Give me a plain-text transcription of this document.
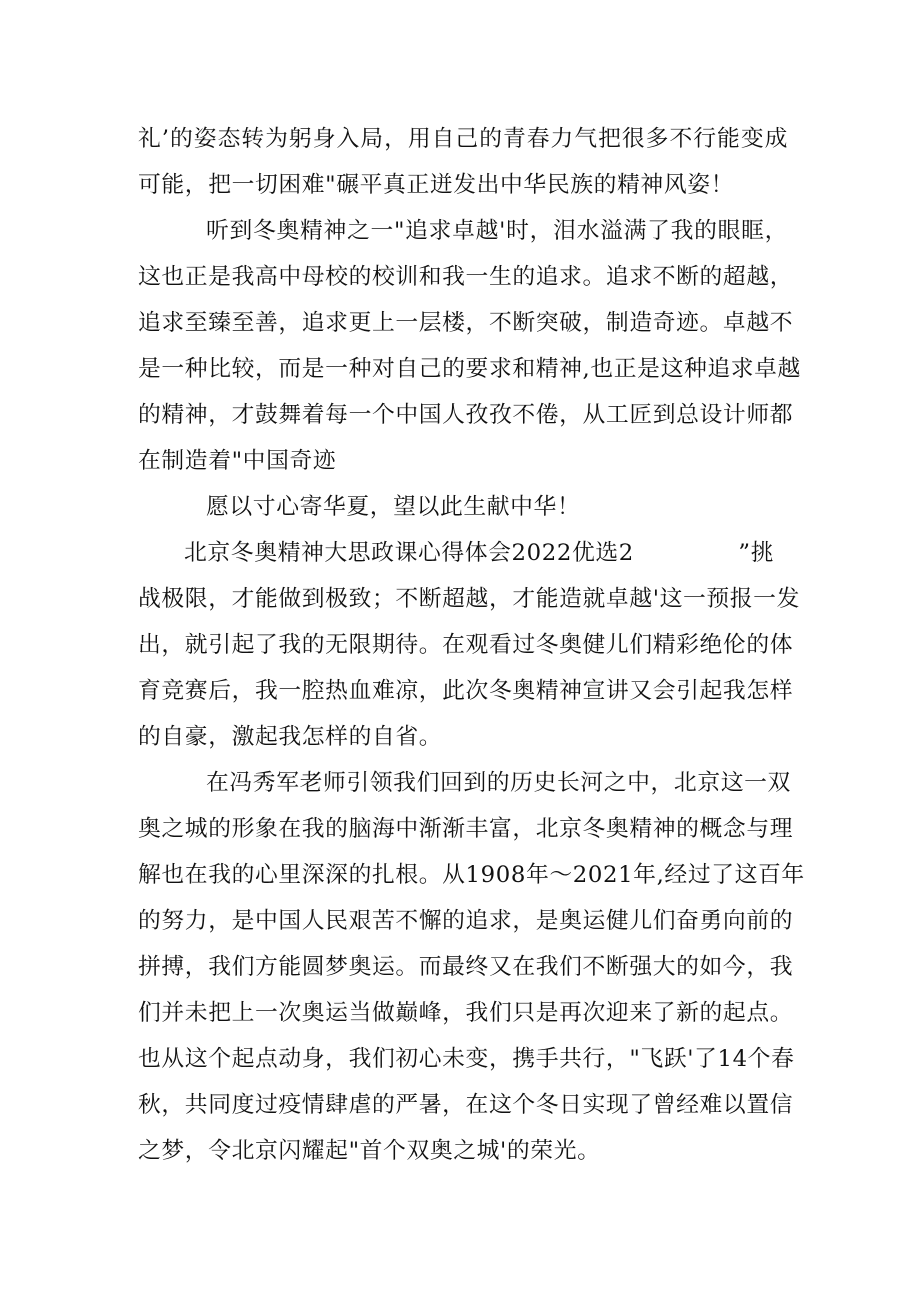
礼’的姿态转为躬身入局，用自己的青春力气把很多不行能变成
可能，把一切困难"碾平真正迸发出中华民族的精神风姿！
听到冬奥精神之一"追求卓越'时，泪水溢满了我的眼眶，
这也正是我高中母校的校训和我一生的追求。追求不断的超越，
追求至臻至善，追求更上一层楼，不断突破，制造奇迹。卓越不
是一种比较，而是一种对自己的要求和精神,也正是这种追求卓越
的精神，才鼓舞着每一个中国人孜孜不倦，从工匠到总设计师都
在制造着"中国奇迹
愿以寸心寄华夏，望以此生献中华！
北京冬奥精神大思政课心得体会2022优选2	”挑
战极限，才能做到极致；不断超越，才能造就卓越'这一预报一发
出，就引起了我的无限期待。在观看过冬奥健儿们精彩绝伦的体
育竞赛后，我一腔热血难凉，此次冬奥精神宣讲又会引起我怎样
的自豪，激起我怎样的自省。
在冯秀军老师引领我们回到的历史长河之中，北京这一双
奥之城的形象在我的脑海中渐渐丰富，北京冬奥精神的概念与理
解也在我的心里深深的扎根。从1908年～2021年,经过了这百年
的努力，是中国人民艰苦不懈的追求，是奥运健儿们奋勇向前的
拼搏，我们方能圆梦奥运。而最终又在我们不断强大的如今，我
们并未把上一次奥运当做巅峰，我们只是再次迎来了新的起点。
也从这个起点动身，我们初心未变，携手共行，"飞跃'了14个春
秋，共同度过疫情肆虐的严暑，在这个冬日实现了曾经难以置信
之梦，令北京闪耀起"首个双奥之城'的荣光。
